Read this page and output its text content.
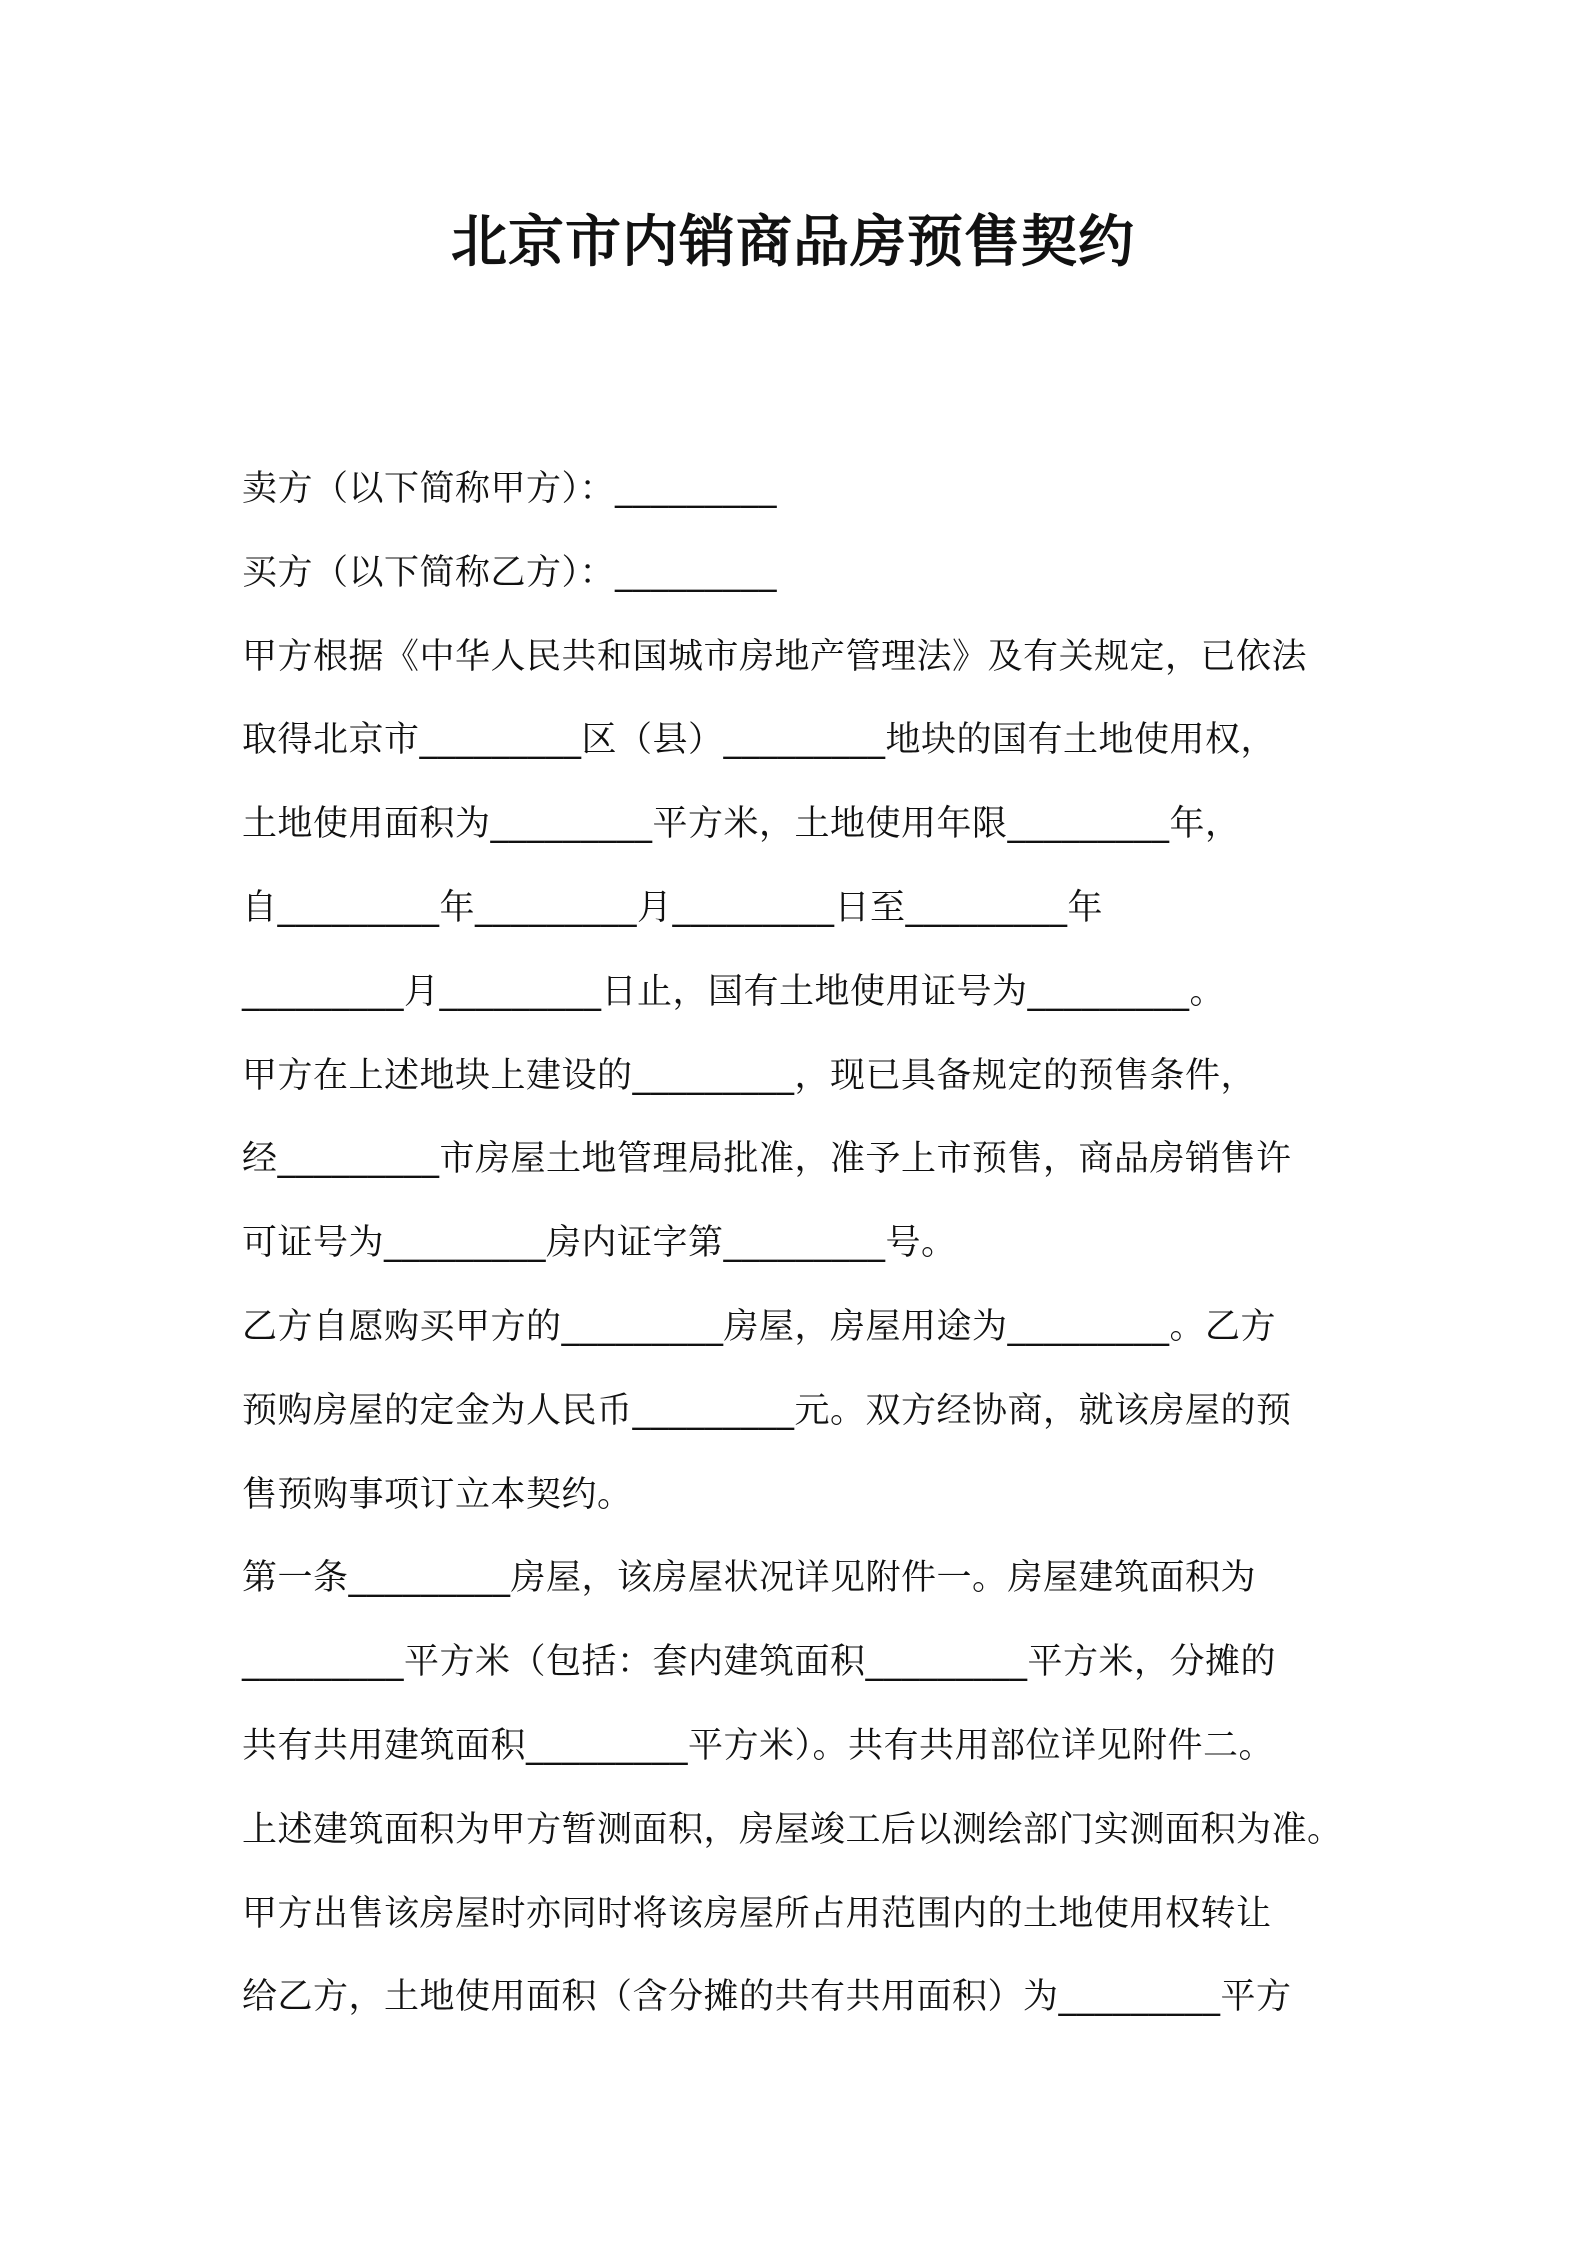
北京市内销商品房预售契约
卖方（以下简称甲方）：_________
买方（以下简称乙方）：_________
甲方根据《中华人民共和国城市房地产管理法》及有关规定，已依法
取得北京市_________区（县）_________地块的国有土地使用权，
土地使用面积为_________平方米，土地使用年限_________年，
自_________年_________月_________日至_________年
_________月_________日止，国有土地使用证号为_________。
甲方在上述地块上建设的_________，现已具备规定的预售条件，
经_________市房屋土地管理局批准，准予上市预售，商品房销售许
可证号为_________房内证字第_________号。
乙方自愿购买甲方的_________房屋，房屋用途为_________。乙方
预购房屋的定金为人民币_________元。双方经协商，就该房屋的预
售预购事项订立本契约。
第一条_________房屋，该房屋状况详见附件一。房屋建筑面积为
_________平方米（包括：套内建筑面积_________平方米，分摊的
共有共用建筑面积_________平方米）。共有共用部位详见附件二。
上述建筑面积为甲方暂测面积，房屋竣工后以测绘部门实测面积为准。
甲方出售该房屋时亦同时将该房屋所占用范围内的土地使用权转让
给乙方，土地使用面积（含分摊的共有共用面积）为_________平方
